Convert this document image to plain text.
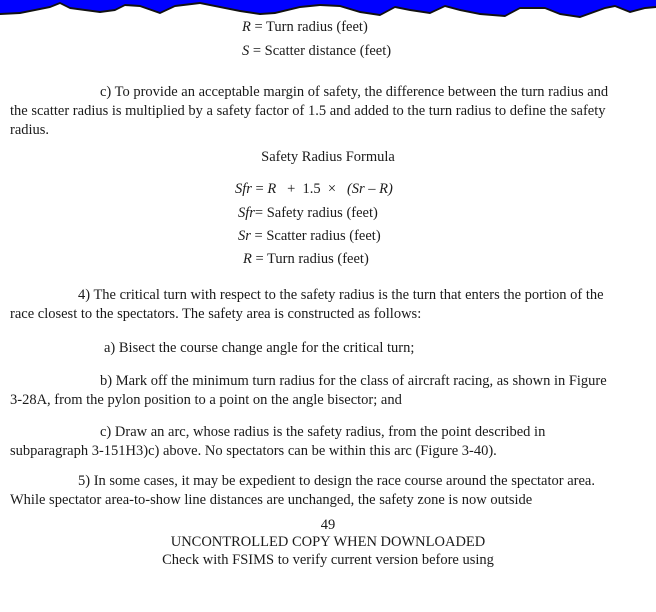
R = Turn radius (feet)
S = Scatter distance (feet)
c) To provide an acceptable margin of safety, the difference between the turn radius and the scatter radius is multiplied by a safety factor of 1.5 and added to the turn radius to define the safety radius.
Safety Radius Formula
Sfr = R   +  1.5  ×   (Sr – R)
Sfr= Safety radius (feet)
Sr = Scatter radius (feet)
R = Turn radius (feet)
4) The critical turn with respect to the safety radius is the turn that enters the portion of the race closest to the spectators. The safety area is constructed as follows:
a) Bisect the course change angle for the critical turn;
b) Mark off the minimum turn radius for the class of aircraft racing, as shown in Figure 3-28A, from the pylon position to a point on the angle bisector; and
c) Draw an arc, whose radius is the safety radius, from the point described in subparagraph 3-151H3)c) above. No spectators can be within this arc (Figure 3-40).
5) In some cases, it may be expedient to design the race course around the spectator area. While spectator area-to-show line distances are unchanged, the safety zone is now outside
49
UNCONTROLLED COPY WHEN DOWNLOADED
Check with FSIMS to verify current version before using
